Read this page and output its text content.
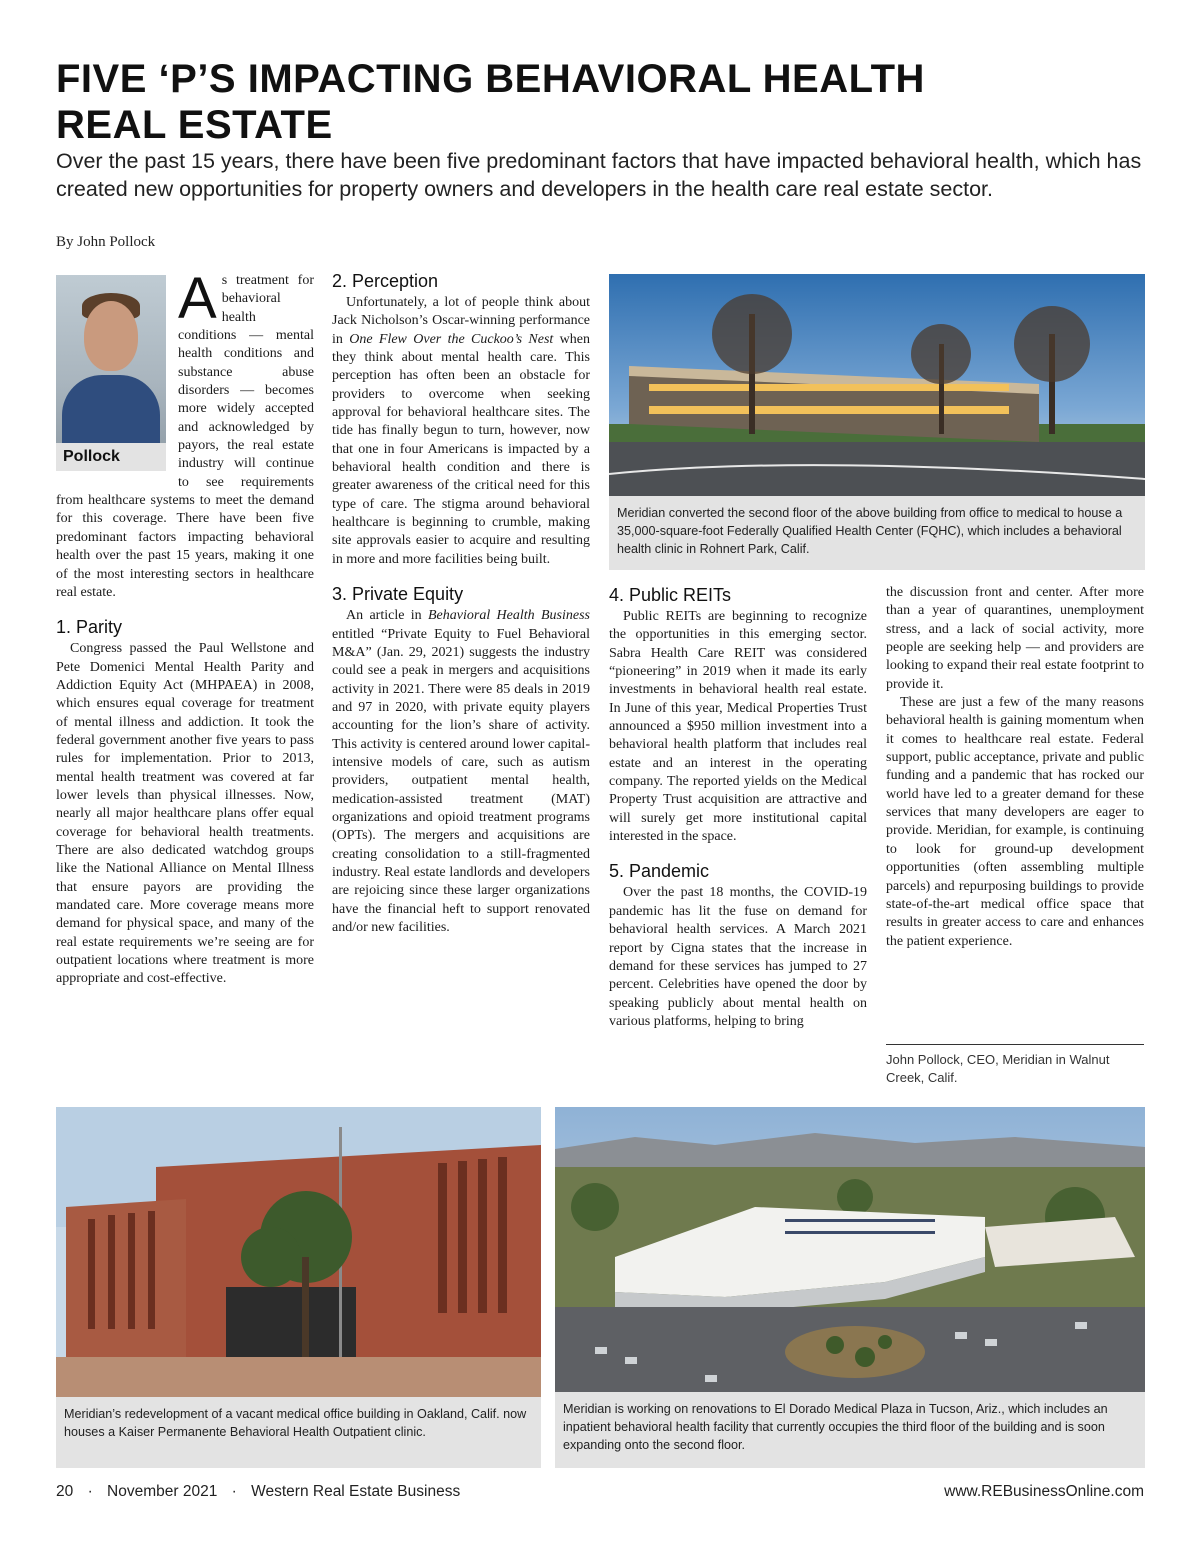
FIVE ‘P’S IMPACTING BEHAVIORAL HEALTH
REAL ESTATE
Over the past 15 years, there have been five predominant factors that have impacted behavioral health, which has created new opportunities for property owners and developers in the health care real estate sector.
By John Pollock
Pollock

As treatment for behavioral health conditions — mental health conditions and substance abuse disorders — becomes more widely accepted and acknowledged by payors, the real estate industry will continue to see requirements from healthcare systems to meet the demand for this coverage. There have been five predominant factors impacting behavioral health over the past 15 years, making it one of the most interesting sectors in healthcare real estate.

1. Parity

Congress passed the Paul Wellstone and Pete Domenici Mental Health Parity and Addiction Equity Act (MHPAEA) in 2008, which ensures equal coverage for treatment of mental illness and addiction. It took the federal government another five years to pass rules for implementation. Prior to 2013, mental health treatment was covered at far lower levels than physical illnesses. Now, nearly all major healthcare plans offer equal coverage for behavioral health treatments. There are also dedicated watchdog groups like the National Alliance on Mental Illness that ensure payors are providing the mandated care. More coverage means more demand for physical space, and many of the real estate requirements we’re seeing are for outpatient locations where treatment is more appropriate and cost-effective.

2. Perception

Unfortunately, a lot of people think about Jack Nicholson’s Oscar-winning performance in One Flew Over the Cuckoo’s Nest when they think about mental health care. This perception has often been an obstacle for providers to overcome when seeking approval for behavioral healthcare sites. The tide has finally begun to turn, however, now that one in four Americans is impacted by a behavioral health condition and there is greater awareness of the critical need for this type of care. The stigma around behavioral healthcare is beginning to crumble, making site approvals easier to acquire and resulting in more and more facilities being built.

3. Private Equity

An article in Behavioral Health Business entitled “Private Equity to Fuel Behavioral M&A” (Jan. 29, 2021) suggests the industry could see a peak in mergers and acquisitions activity in 2021. There were 85 deals in 2019 and 97 in 2020, with private equity players accounting for the lion’s share of activity. This activity is centered around lower capital-intensive models of care, such as autism providers, outpatient mental health, medication-assisted treatment (MAT) organizations and opioid treatment programs (OPTs). The mergers and acquisitions are creating consolidation to a still-fragmented industry. Real estate landlords and developers are rejoicing since these larger organizations have the financial heft to support renovated and/or new facilities.

Meridian converted the second floor of the above building from office to medical to house a 35,000-square-foot Federally Qualified Health Center (FQHC), which includes a behavioral health clinic in Rohnert Park, Calif.
4. Public REITs

Public REITs are beginning to recognize the opportunities in this emerging sector. Sabra Health Care REIT was considered “pioneering” in 2019 when it made its early investments in behavioral health real estate. In June of this year, Medical Properties Trust announced a $950 million investment into a behavioral health platform that includes real estate and an interest in the operating company. The reported yields on the Medical Property Trust acquisition are attractive and will surely get more institutional capital interested in the space.

5. Pandemic

Over the past 18 months, the COVID-19 pandemic has lit the fuse on demand for behavioral health services. A March 2021 report by Cigna states that the increase in demand for these services has jumped to 27 percent. Celebrities have opened the door by speaking publicly about mental health on various platforms, helping to bring

the discussion front and center. After more than a year of quarantines, unemployment stress, and a lack of social activity, more people are seeking help — and providers are looking to expand their real estate footprint to provide it.

These are just a few of the many reasons behavioral health is gaining momentum when it comes to healthcare real estate. Federal support, public acceptance, private and public funding and a pandemic that has rocked our world have led to a greater demand for these services that many developers are eager to provide. Meridian, for example, is continuing to look for ground-up development opportunities (often assembling multiple parcels) and repurposing buildings to provide state-of-the-art medical office space that results in greater access to care and enhances the patient experience.

John Pollock, CEO, Meridian in Walnut Creek, Calif.
Meridian’s redevelopment of a vacant medical office building in Oakland, Calif. now houses a Kaiser Permanente Behavioral Health Outpatient clinic.
Meridian is working on renovations to El Dorado Medical Plaza in Tucson, Ariz., which includes an inpatient behavioral health facility that currently occupies the third floor of the building and is soon expanding onto the second floor.
20 · November 2021 · Western Real Estate Business	www.REBusinessOnline.com
